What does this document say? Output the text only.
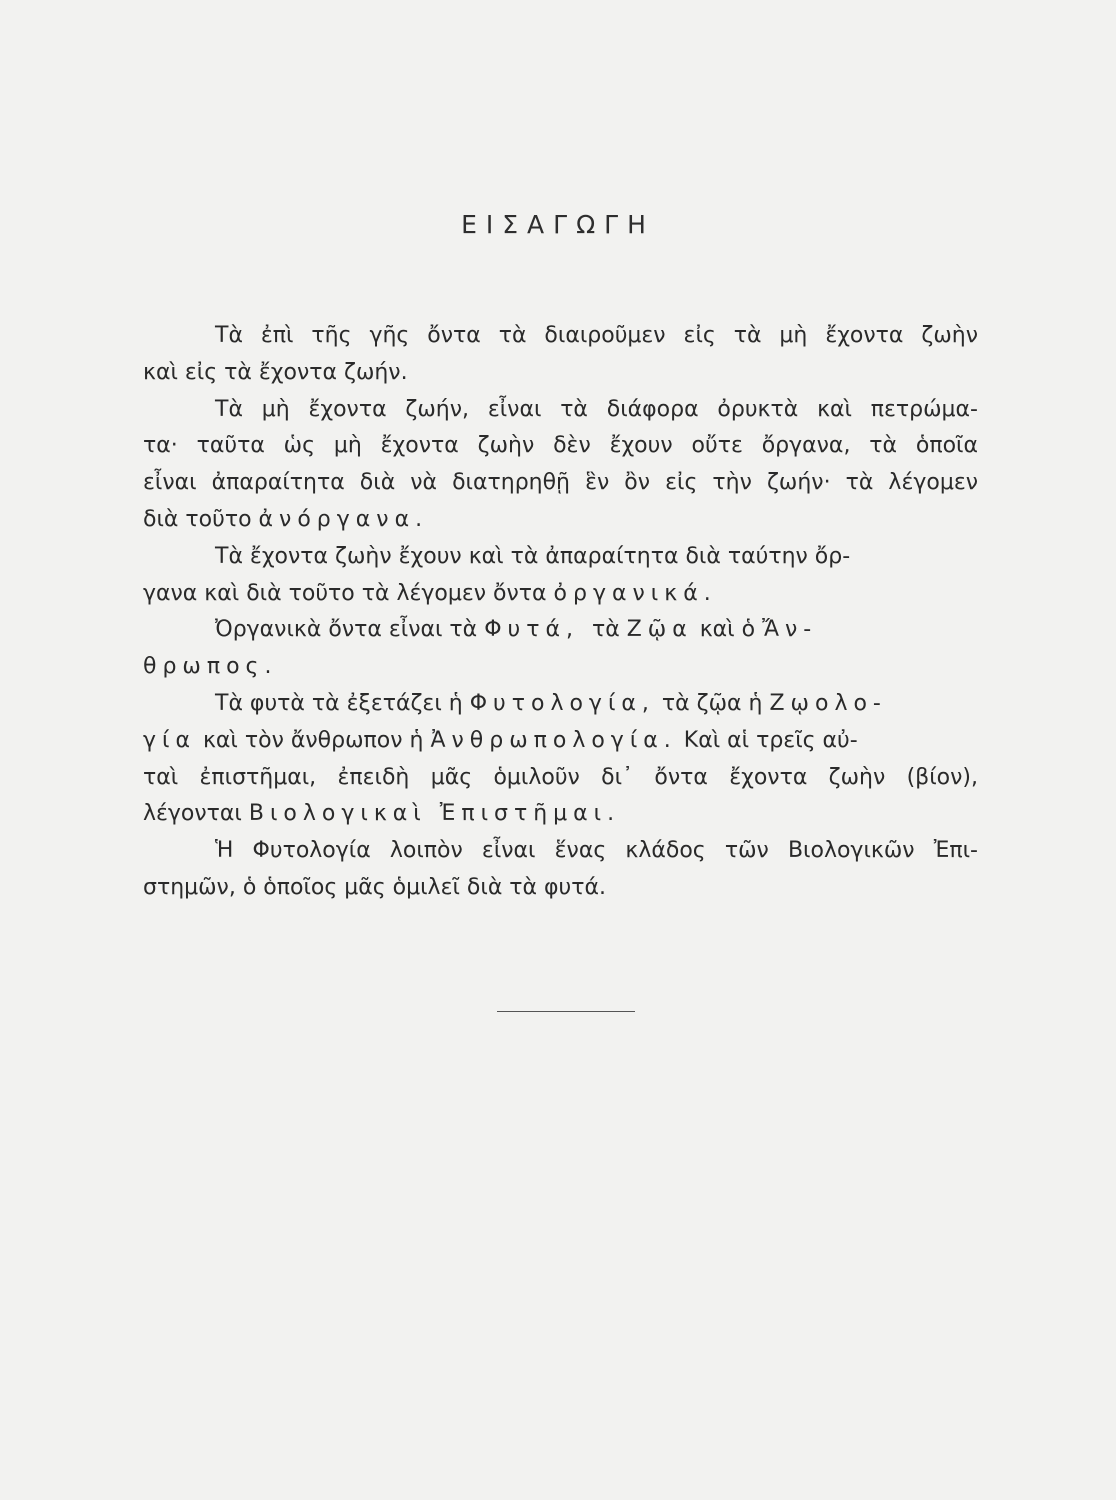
ΕΙΣΑΓΩΓΗ
Τὰ ἐπὶ τῆς γῆς ὄντα τὰ διαιροῦμεν εἰς τὰ μὴ ἔχοντα ζωὴν
καὶ εἰς τὰ ἔχοντα ζωήν.
Τὰ μὴ ἔχοντα ζωήν, εἶναι τὰ διάφορα ὀρυκτὰ καὶ πετρώμα-
τα· ταῦτα ὡς μὴ ἔχοντα ζωὴν δὲν ἔχουν οὔτε ὄργανα, τὰ ὁποῖα
εἶναι ἀπαραίτητα διὰ νὰ διατηρηθῇ ἓν ὂν εἰς τὴν ζωήν· τὰ λέγομεν
διὰ τοῦτο ἀνόργανα.
Τὰ ἔχοντα ζωὴν ἔχουν καὶ τὰ ἀπαραίτητα διὰ ταύτην ὄρ-
γανα καὶ διὰ τοῦτο τὰ λέγομεν ὄντα ὀργανικά.
Ὀργανικὰ ὄντα εἶναι τὰ Φυτά, τὰ Ζῷα καὶ ὁ Ἄν-
θρωπος.
Τὰ φυτὰ τὰ ἐξετάζει ἡ Φυτολογία, τὰ ζῷα ἡ Ζῳολο-
γία καὶ τὸν ἄνθρωπον ἡ Ἀνθρωπολογία. Καὶ αἱ τρεῖς αὐ-
ταὶ ἐπιστῆμαι, ἐπειδὴ μᾶς ὁμιλοῦν δι᾽ ὄντα ἔχοντα ζωὴν (βίον),
λέγονται Βιολογικαὶ Ἐπιστῆμαι.
Ἡ Φυτολογία λοιπὸν εἶναι ἕνας κλάδος τῶν Βιολογικῶν Ἐπι-
στημῶν, ὁ ὁποῖος μᾶς ὁμιλεῖ διὰ τὰ φυτά.
